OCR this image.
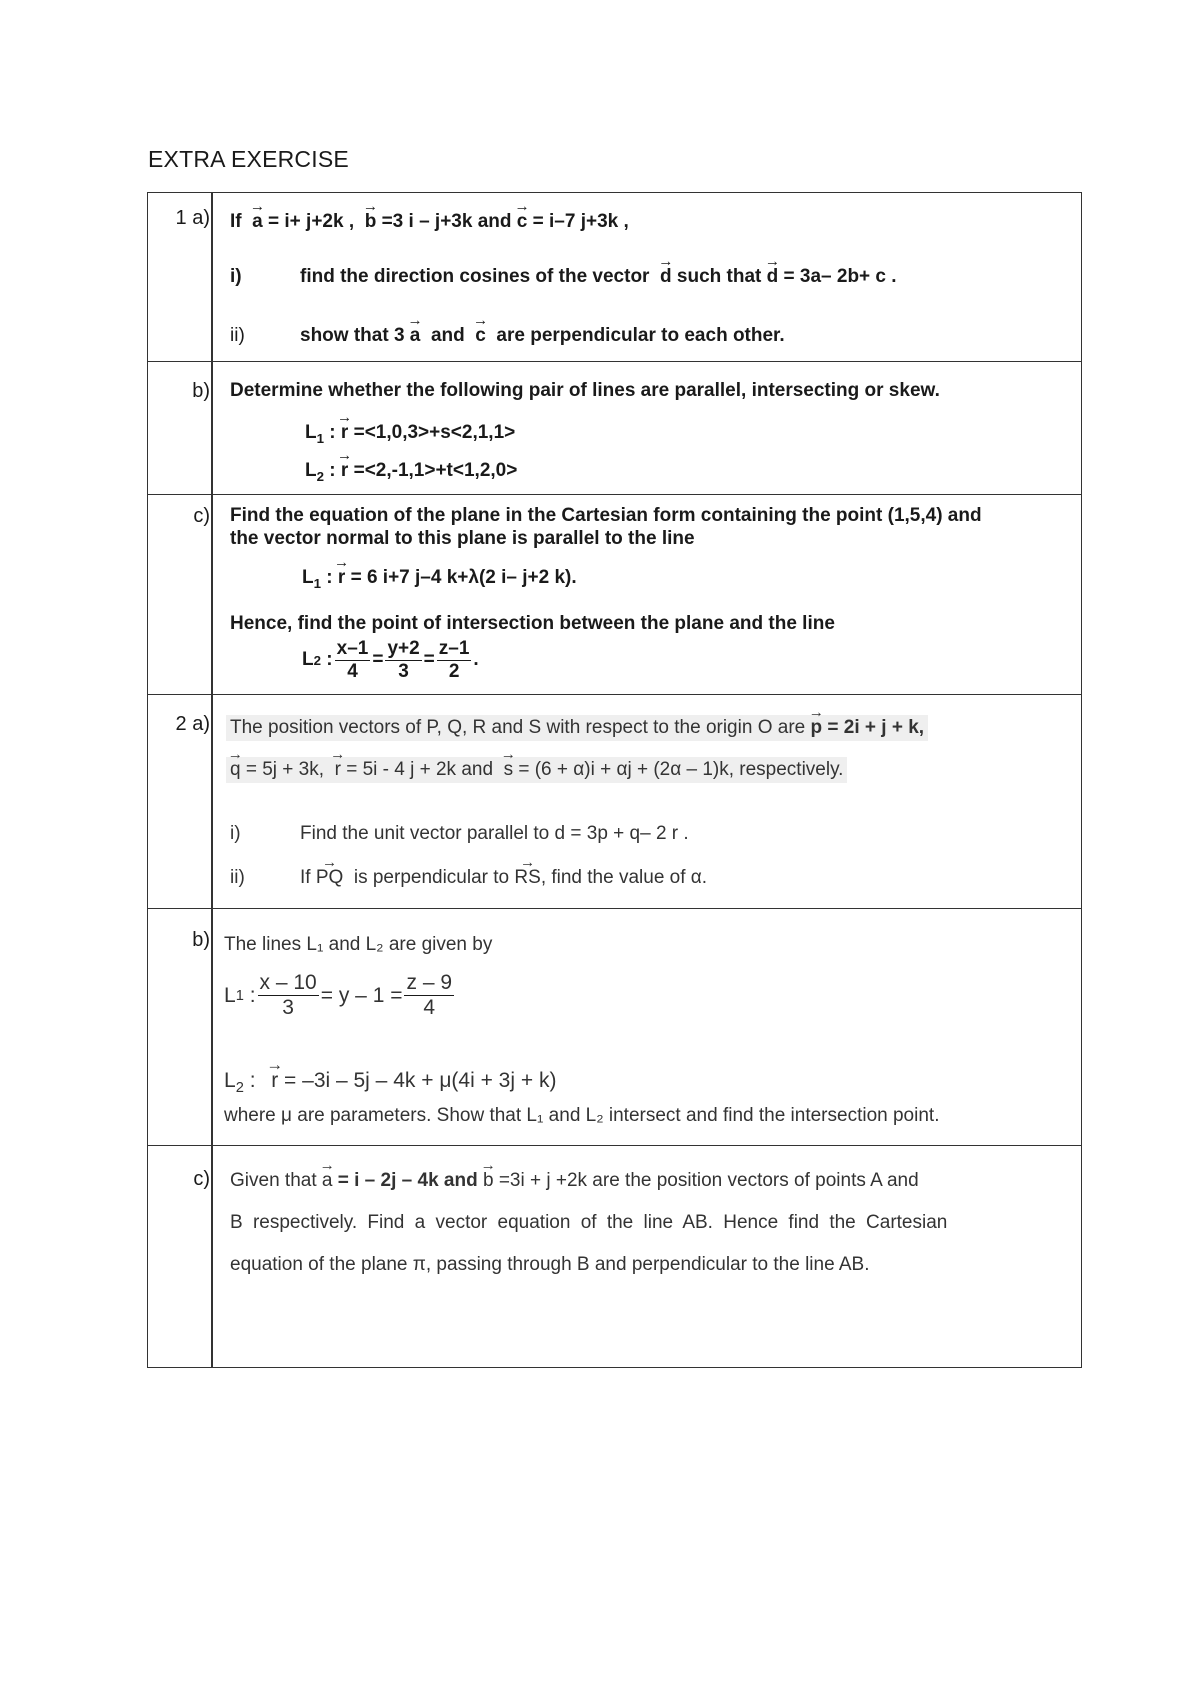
EXTRA EXERCISE
1 a) If → a = i+ j+2k , → b =3 i – j+3k and → c = i–7 j+3k ,
i)	find the direction cosines of the vector → d such that → d = 3a– 2b+ c .
ii)	show that 3 → a and → c are perpendicular to each other.
b) Determine whether the following pair of lines are parallel, intersecting or skew.
$L_1$ : → r =<1,0,3>+s<2,1,1>
$L_2$ : → r =<2,-1,1>+t<1,2,0>
c) Find the equation of the plane in the Cartesian form containing the point (1,5,4) and
the vector normal to this plane is parallel to the line
$L_1$ : → r = 6 i+7 j–4 k+λ(2 i– j+2 k).
Hence, find the point of intersection between the plane and the line
L 2 : $\frac{x-1}{4} = \frac{y+2}{3} = \frac{z-1}{2}$ .
2 a) The position vectors of P, Q, R and S with respect to the origin O are → p = 2i + j + k,
→ q = 5j + 3k, → r = 5i - 4 j + 2k and → s = (6 + α)i + αj + (2α – 1)k, respectively.
i)	Find the unit vector parallel to d = 3p + q– 2 r .
ii)	If → PQ is perpendicular to → RS, find the value of α.
b) The lines L₁ and L₂ are given by
L 1 : $\frac{x - 10}{3} = y - 1 = \frac{z - 9}{4}$
$L_2$ :  → r = –3i – 5j – 4k + μ(4i + 3j + k)
where μ are parameters. Show that L₁ and L₂ intersect and find the intersection point.
c) Given that → a = i – 2j – 4k and → b =3i + j +2k are the position vectors of points A and
B respectively. Find a vector equation of the line AB. Hence find the Cartesian
equation of the plane π, passing through B and perpendicular to the line AB.
